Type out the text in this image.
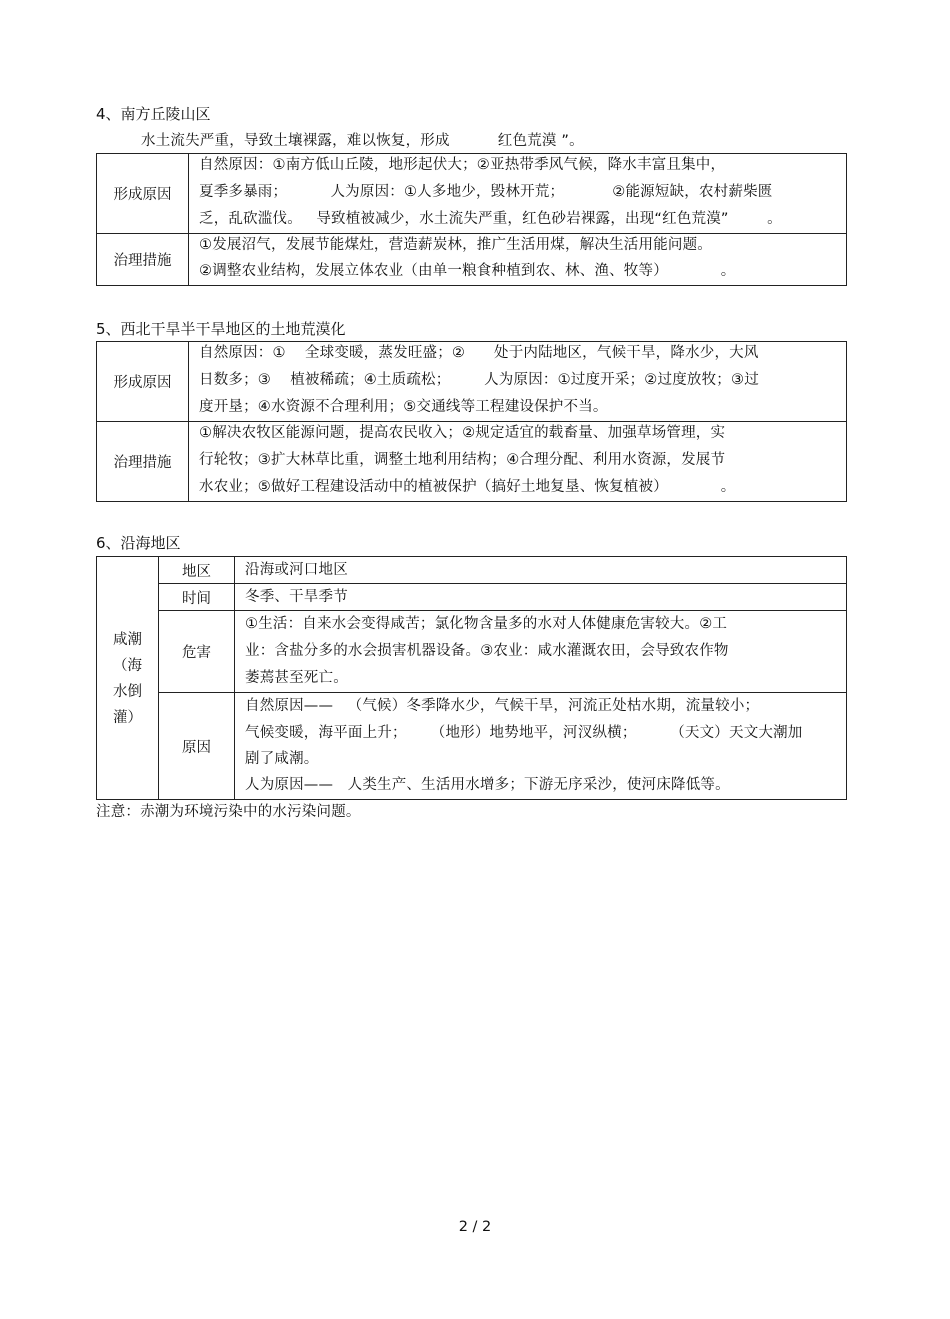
4、南方丘陵山区
水土流失严重，导致土壤裸露，难以恢复，形成          红色荒漠 ”。
形成原因	自然原因：①南方低山丘陵，地形起伏大；②亚热带季风气候，降水丰富且集中，
夏季多暴雨；         人为原因：①人多地少，毁林开荒；          ②能源短缺，农村薪柴匮
乏，乱砍滥伐。   导致植被减少，水土流失严重，红色砂岩裸露，出现“红色荒漠”        。

治理措施	①发展沼气，发展节能煤灶，营造薪炭林，推广生活用煤，解决生活用能问题。
②调整农业结构，发展立体农业（由单一粮食种植到农、林、渔、牧等）           。
5、西北干旱半干旱地区的土地荒漠化
形成原因	自然原因：①    全球变暖，蒸发旺盛；②      处于内陆地区，气候干旱，降水少，大风
日数多；③    植被稀疏；④土质疏松；       人为原因：①过度开采；②过度放牧；③过
度开垦；④水资源不合理利用；⑤交通线等工程建设保护不当。

治理措施	①解决农牧区能源问题，提高农民收入；②规定适宜的载畜量、加强草场管理，实
行轮牧；③扩大林草比重，调整土地利用结构；④合理分配、利用水资源，发展节
水农业；⑤做好工程建设活动中的植被保护（搞好土地复垦、恢复植被）           。
6、沿海地区
咸潮
（海
水倒
灌）	地区	沿海或河口地区

	时间	冬季、干旱季节

	危害	①生活：自来水会变得咸苦；氯化物含量多的水对人体健康危害较大。②工
业：含盐分多的水会损害机器设备。③农业：咸水灌溉农田，会导致农作物
萎蔫甚至死亡。

	原因	自然原因——   （气候）冬季降水少，气候干旱，河流正处枯水期，流量较小；
气候变暖，海平面上升；     （地形）地势地平，河汊纵横；       （天文）天文大潮加
剧了咸潮。
人为原因——   人类生产、生活用水增多；下游无序采沙，使河床降低等。
注意：赤潮为环境污染中的水污染问题。
2 / 2
